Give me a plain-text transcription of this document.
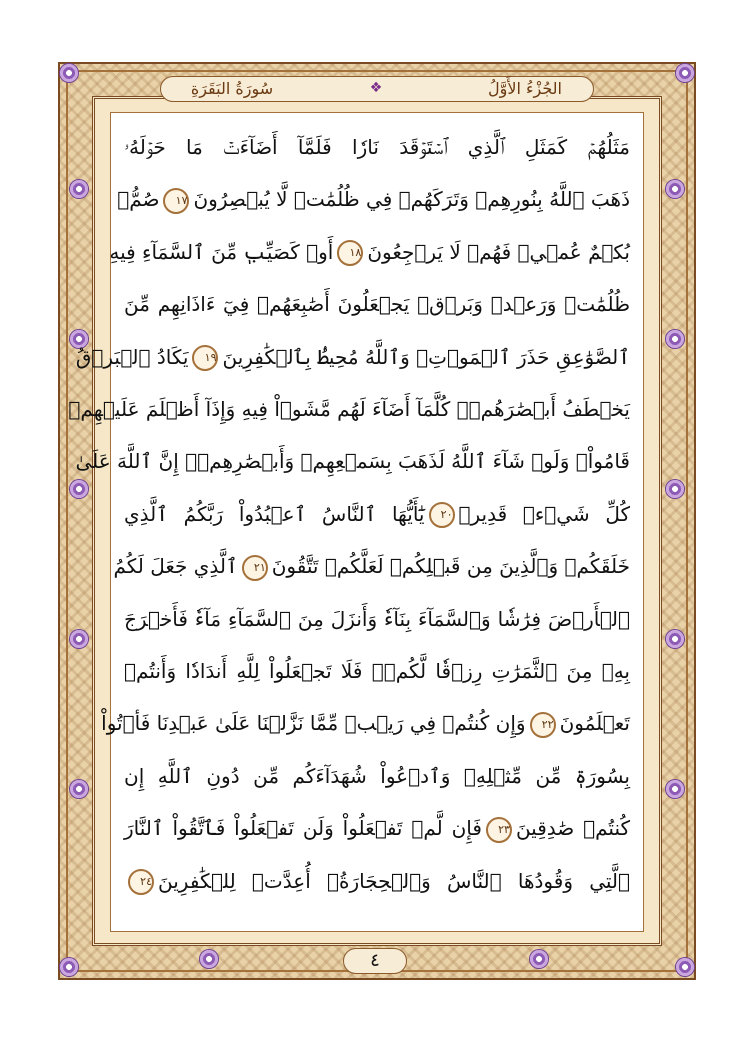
الجُزْءُ الأَوَّلُ
❖
سُورَةُ البَقَرَةِ
مَثَلُهُمۡ كَمَثَلِ ٱلَّذِي ٱسۡتَوۡقَدَ نَارٗا فَلَمَّآ أَضَآءَتۡ مَا حَوۡلَهُۥ
ذَهَبَ ٱللَّهُ بِنُورِهِمۡ وَتَرَكَهُمۡ فِي ظُلُمَٰتٖ لَّا يُبۡصِرُونَ١٧صُمُّۢ
بُكۡمٌ عُمۡيٞ فَهُمۡ لَا يَرۡجِعُونَ١٨أَوۡ كَصَيِّبٖ مِّنَ ٱلسَّمَآءِ فِيهِ
ظُلُمَٰتٞ وَرَعۡدٞ وَبَرۡقٞ يَجۡعَلُونَ أَصَٰبِعَهُمۡ فِيٓ ءَاذَانِهِم مِّنَ
ٱلصَّوَٰعِقِ حَذَرَ ٱلۡمَوۡتِۚ وَٱللَّهُ مُحِيطُۢ بِٱلۡكَٰفِرِينَ١٩يَكَادُ ٱلۡبَرۡقُ
يَخۡطَفُ أَبۡصَٰرَهُمۡۖ كُلَّمَآ أَضَآءَ لَهُم مَّشَوۡاْ فِيهِ وَإِذَآ أَظۡلَمَ عَلَيۡهِمۡ
قَامُواْۚ وَلَوۡ شَآءَ ٱللَّهُ لَذَهَبَ بِسَمۡعِهِمۡ وَأَبۡصَٰرِهِمۡۚ إِنَّ ٱللَّهَ عَلَىٰ
كُلِّ شَيۡءٖ قَدِيرٞ٢٠يَٰٓأَيُّهَا ٱلنَّاسُ ٱعۡبُدُواْ رَبَّكُمُ ٱلَّذِي
خَلَقَكُمۡ وَٱلَّذِينَ مِن قَبۡلِكُمۡ لَعَلَّكُمۡ تَتَّقُونَ٢١ٱلَّذِي جَعَلَ لَكُمُ
ٱلۡأَرۡضَ فِرَٰشٗا وَٱلسَّمَآءَ بِنَآءٗ وَأَنزَلَ مِنَ ٱلسَّمَآءِ مَآءٗ فَأَخۡرَجَ
بِهِۦ مِنَ ٱلثَّمَرَٰتِ رِزۡقٗا لَّكُمۡۖ فَلَا تَجۡعَلُواْ لِلَّهِ أَندَادٗا وَأَنتُمۡ
تَعۡلَمُونَ٢٢وَإِن كُنتُمۡ فِي رَيۡبٖ مِّمَّا نَزَّلۡنَا عَلَىٰ عَبۡدِنَا فَأۡتُواْ
بِسُورَةٖ مِّن مِّثۡلِهِۦ وَٱدۡعُواْ شُهَدَآءَكُم مِّن دُونِ ٱللَّهِ إِن
كُنتُمۡ صَٰدِقِينَ٢٣فَإِن لَّمۡ تَفۡعَلُواْ وَلَن تَفۡعَلُواْ فَٱتَّقُواْ ٱلنَّارَ
ٱلَّتِي وَقُودُهَا ٱلنَّاسُ وَٱلۡحِجَارَةُۖ أُعِدَّتۡ لِلۡكَٰفِرِينَ٢٤
٤
